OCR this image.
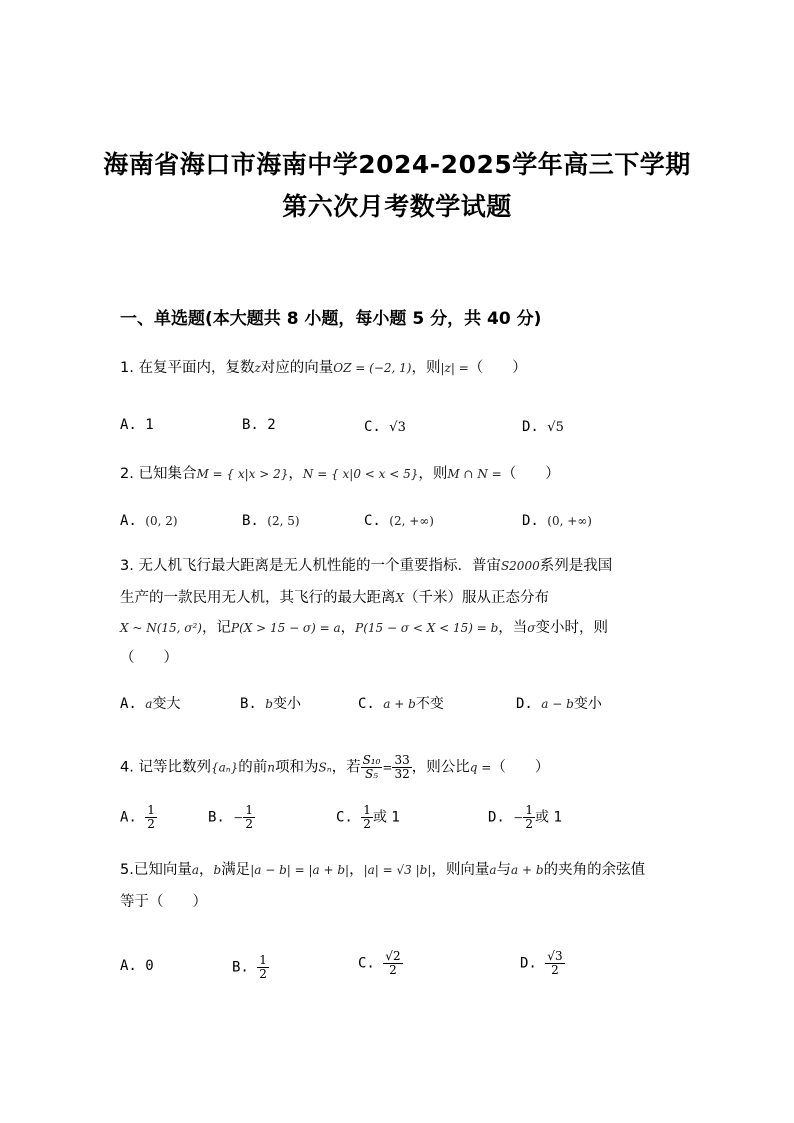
海南省海口市海南中学2024-2025学年高三下学期
第六次月考数学试题
一、单选题(本大题共 8 小题，每小题 5 分，共 40 分)
1. 在复平面内，复数z对应的向量OZ = (−2, 1)，则|z| =（　　）
A. 1	B. 2	C. √3	D. √5
2. 已知集合M = { x|x > 2}，N = { x|0 < x < 5}，则M ∩ N =（　　）
A. (0, 2)	B. (2, 5)	C. (2, +∞)	D. (0, +∞)
3. 无人机飞行最大距离是无人机性能的一个重要指标．普宙S2000系列是我国
生产的一款民用无人机，其飞行的最大距离X（千米）服从正态分布
X ~ N(15, σ²)，记P(X > 15 − σ) = a，P(15 − σ < X < 15) = b，当σ变小时，则
（　　）
A. a变大	B. b变小	C. a + b不变	D. a − b变小
4. 记等比数列{aₙ}的前n项和为Sₙ，若 $\frac{\text{S₁₀}}{\text{S₅}} = \frac{33}{32}$ ，则公比q =（　　）
A. $\frac{1}{2}$	B. − $\frac{1}{2}$	C. $\frac{1}{2}$ 或 1	D. − $\frac{1}{2}$ 或 1
5.已知向量a，b满足|a − b| = |a + b|，|a| = √3 |b|，则向量a与a + b的夹角的余弦值
等于（　　）
A. 0	B. $\frac{1}{2}$	C. $\frac{√2}{2}$	D. $\frac{√3}{2}$
